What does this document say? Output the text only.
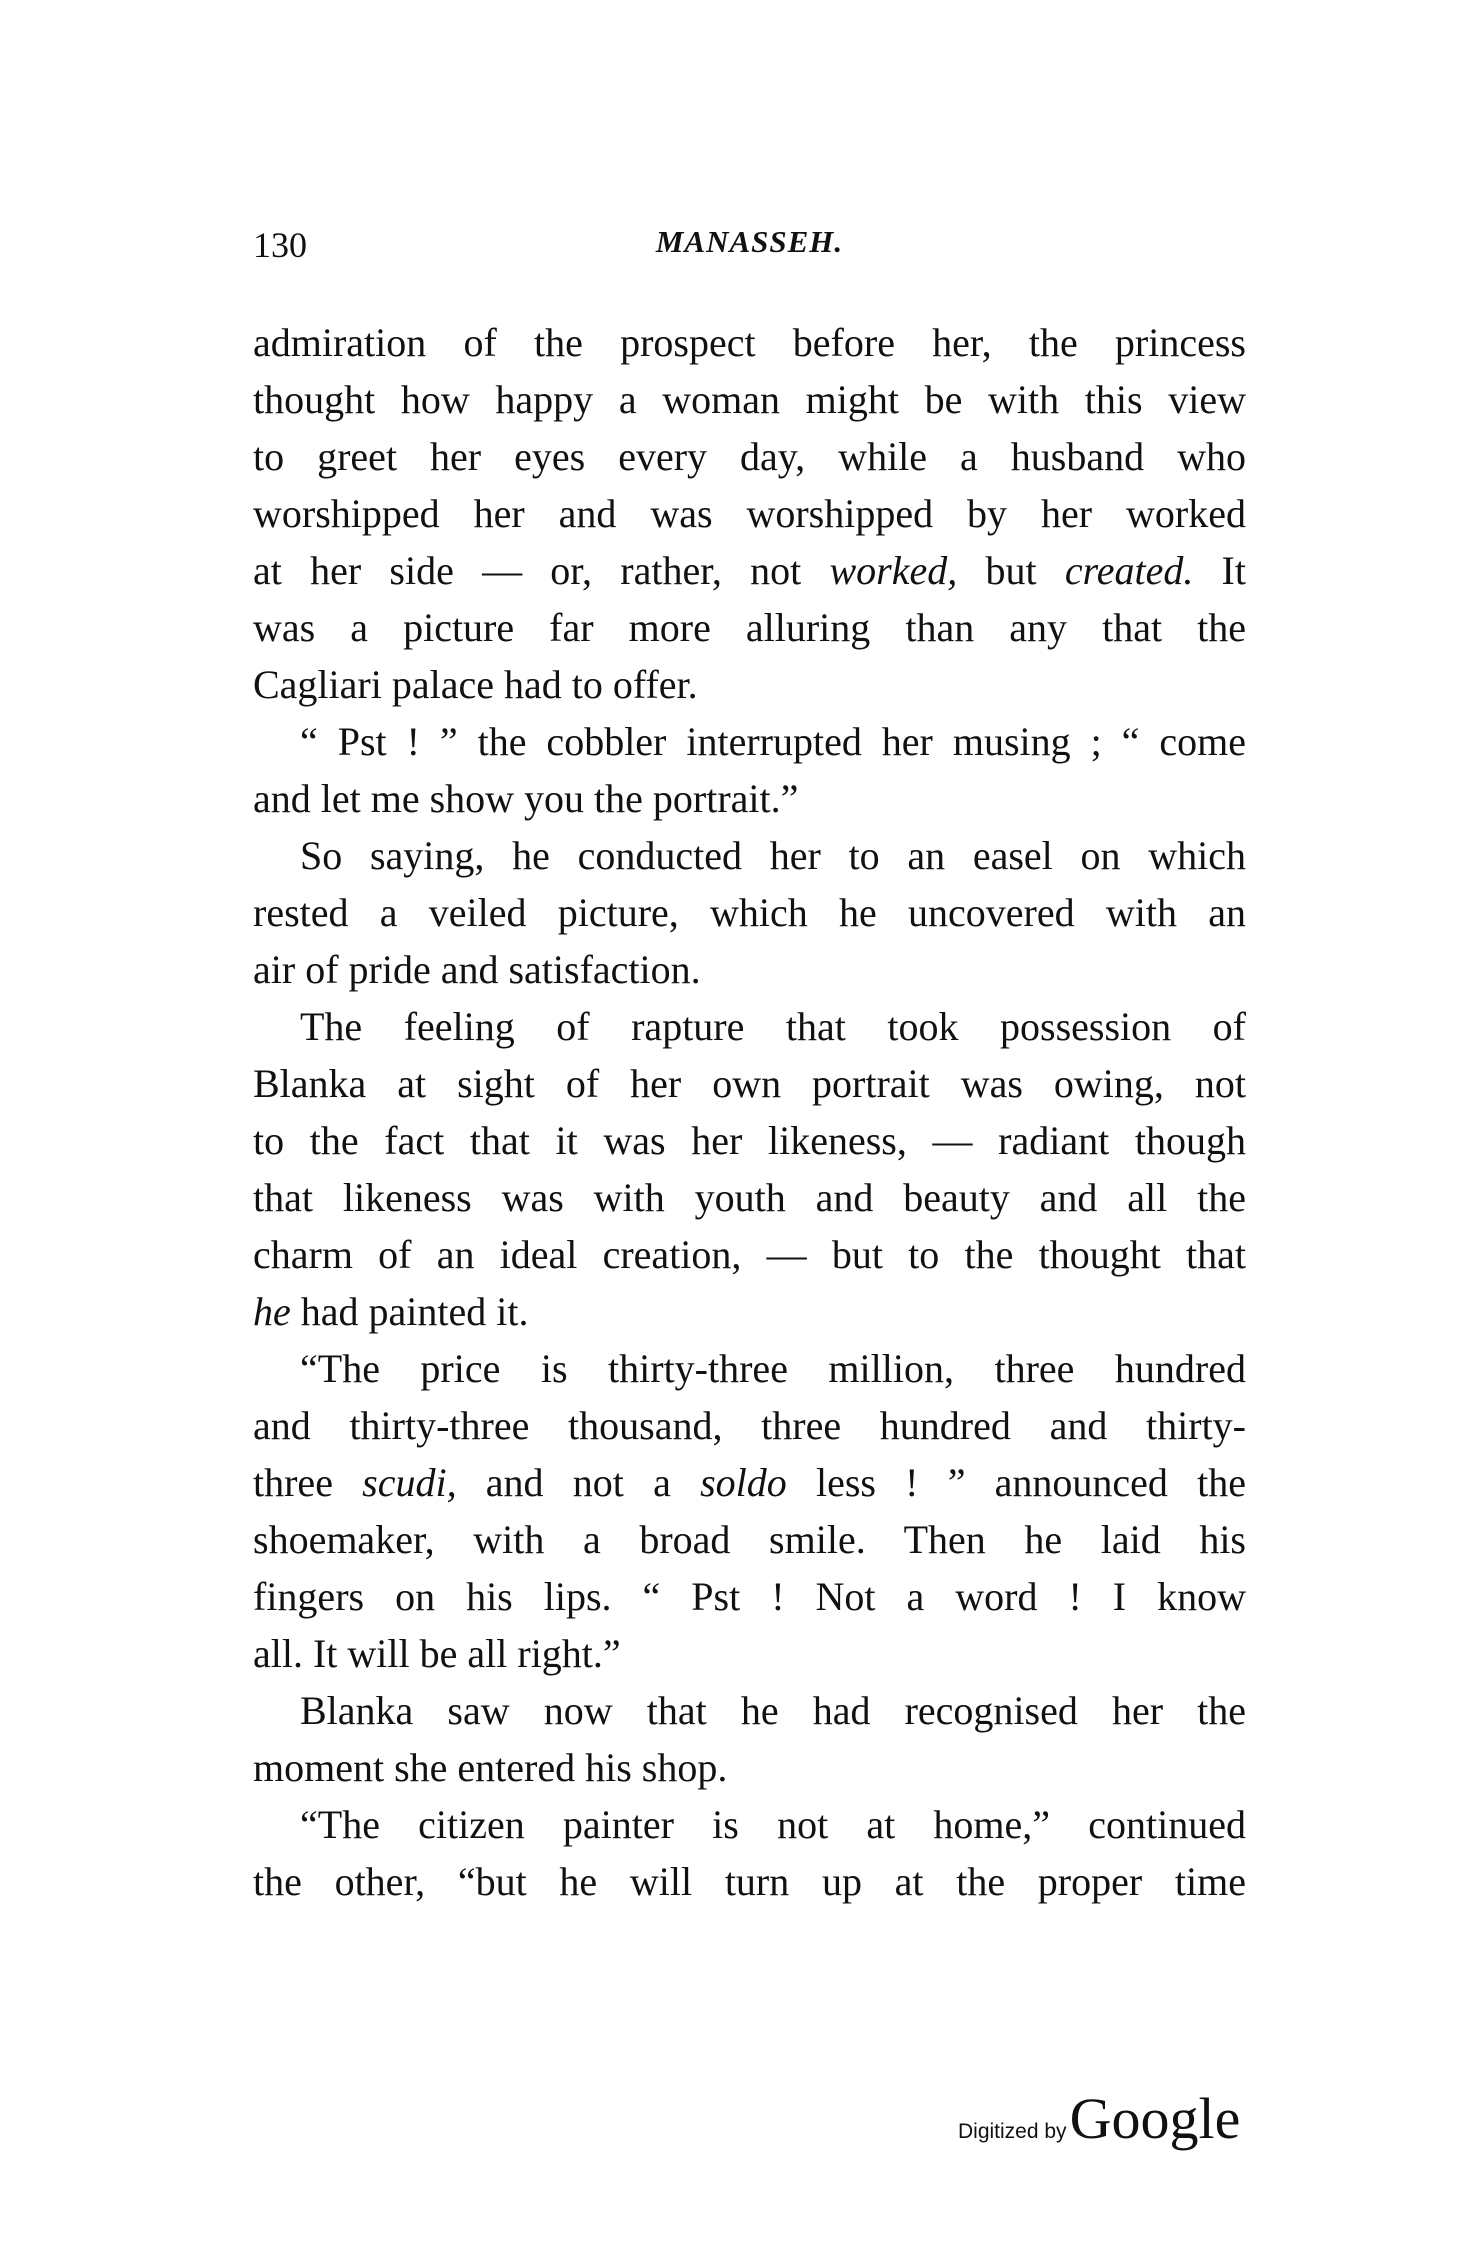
130	MANASSEH.
admiration of the prospect before her, the princess
thought how happy a woman might be with this view
to greet her eyes every day, while a husband who
worshipped her and was worshipped by her worked
at her side — or, rather, not worked, but created. It
was a picture far more alluring than any that the
Cagliari palace had to offer.
“ Pst ! ” the cobbler interrupted her musing ; “ come
and let me show you the portrait.”
So saying, he conducted her to an easel on which
rested a veiled picture, which he uncovered with an
air of pride and satisfaction.
The feeling of rapture that took possession of
Blanka at sight of her own portrait was owing, not
to the fact that it was her likeness, — radiant though
that likeness was with youth and beauty and all the
charm of an ideal creation, — but to the thought that
he had painted it.
“The price is thirty-three million, three hundred
and thirty-three thousand, three hundred and thirty-
three scudi, and not a soldo less ! ” announced the
shoemaker, with a broad smile. Then he laid his
fingers on his lips. “ Pst ! Not a word ! I know
all. It will be all right.”
Blanka saw now that he had recognised her the
moment she entered his shop.
“The citizen painter is not at home,” continued
the other, “but he will turn up at the proper time
Digitized byGoogle
